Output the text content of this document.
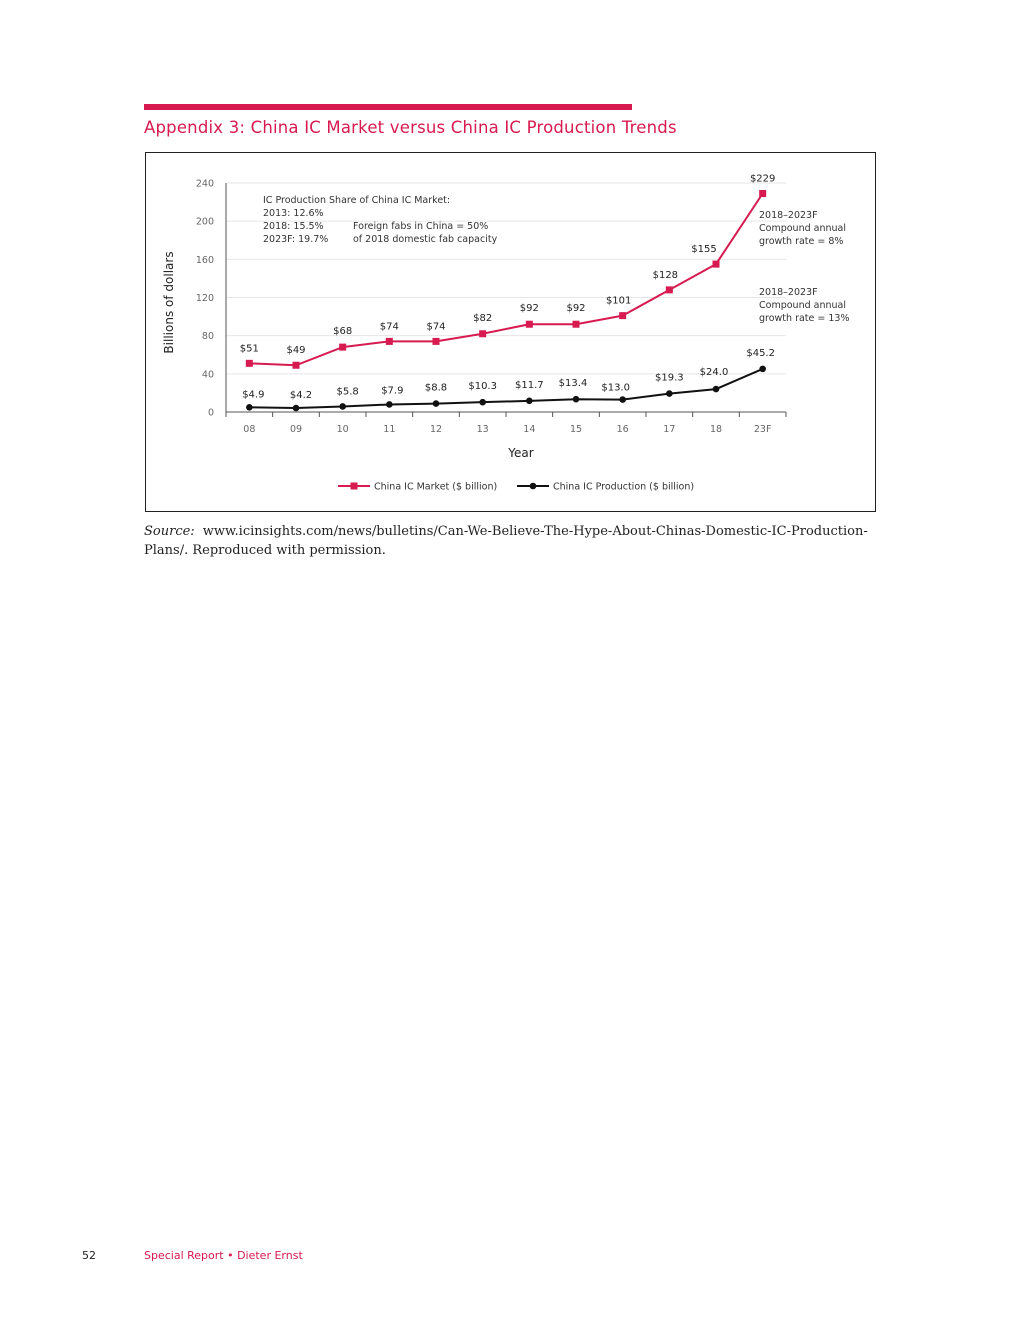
Appendix 3: China IC Market versus China IC Production Trends
0
40
80
120
160
200
240
08	09	10	11	12	13	14	15	16	17	18	23F
Year
Billions of dollars	$51	$49
$68	$74	$74
$82
$92	$92
$101
$128
$155
$229
$4.9	$4.2 $5.8 $7.9 $8.8 $10.3 $11.7 $13.4 $13.0
$19.3 $24.0
$45.2
IC Production Share of China IC Market:
2013: 12.6%
2018: 15.5%
2023F: 19.7%
Foreign fabs in China = 50%
of 2018 domestic fab capacity
2018–2023F
Compound annual
growth rate = 8%
2018–2023F
Compound annual
growth rate = 13%
China IC Market ($ billion)	China IC Production ($ billion)
Source: www.icinsights.com/news/bulletins/Can-We-Believe-The-Hype-About-Chinas-Domestic-IC-Production-Plans/. Reproduced with permission.
52	Special Report • Dieter Ernst
